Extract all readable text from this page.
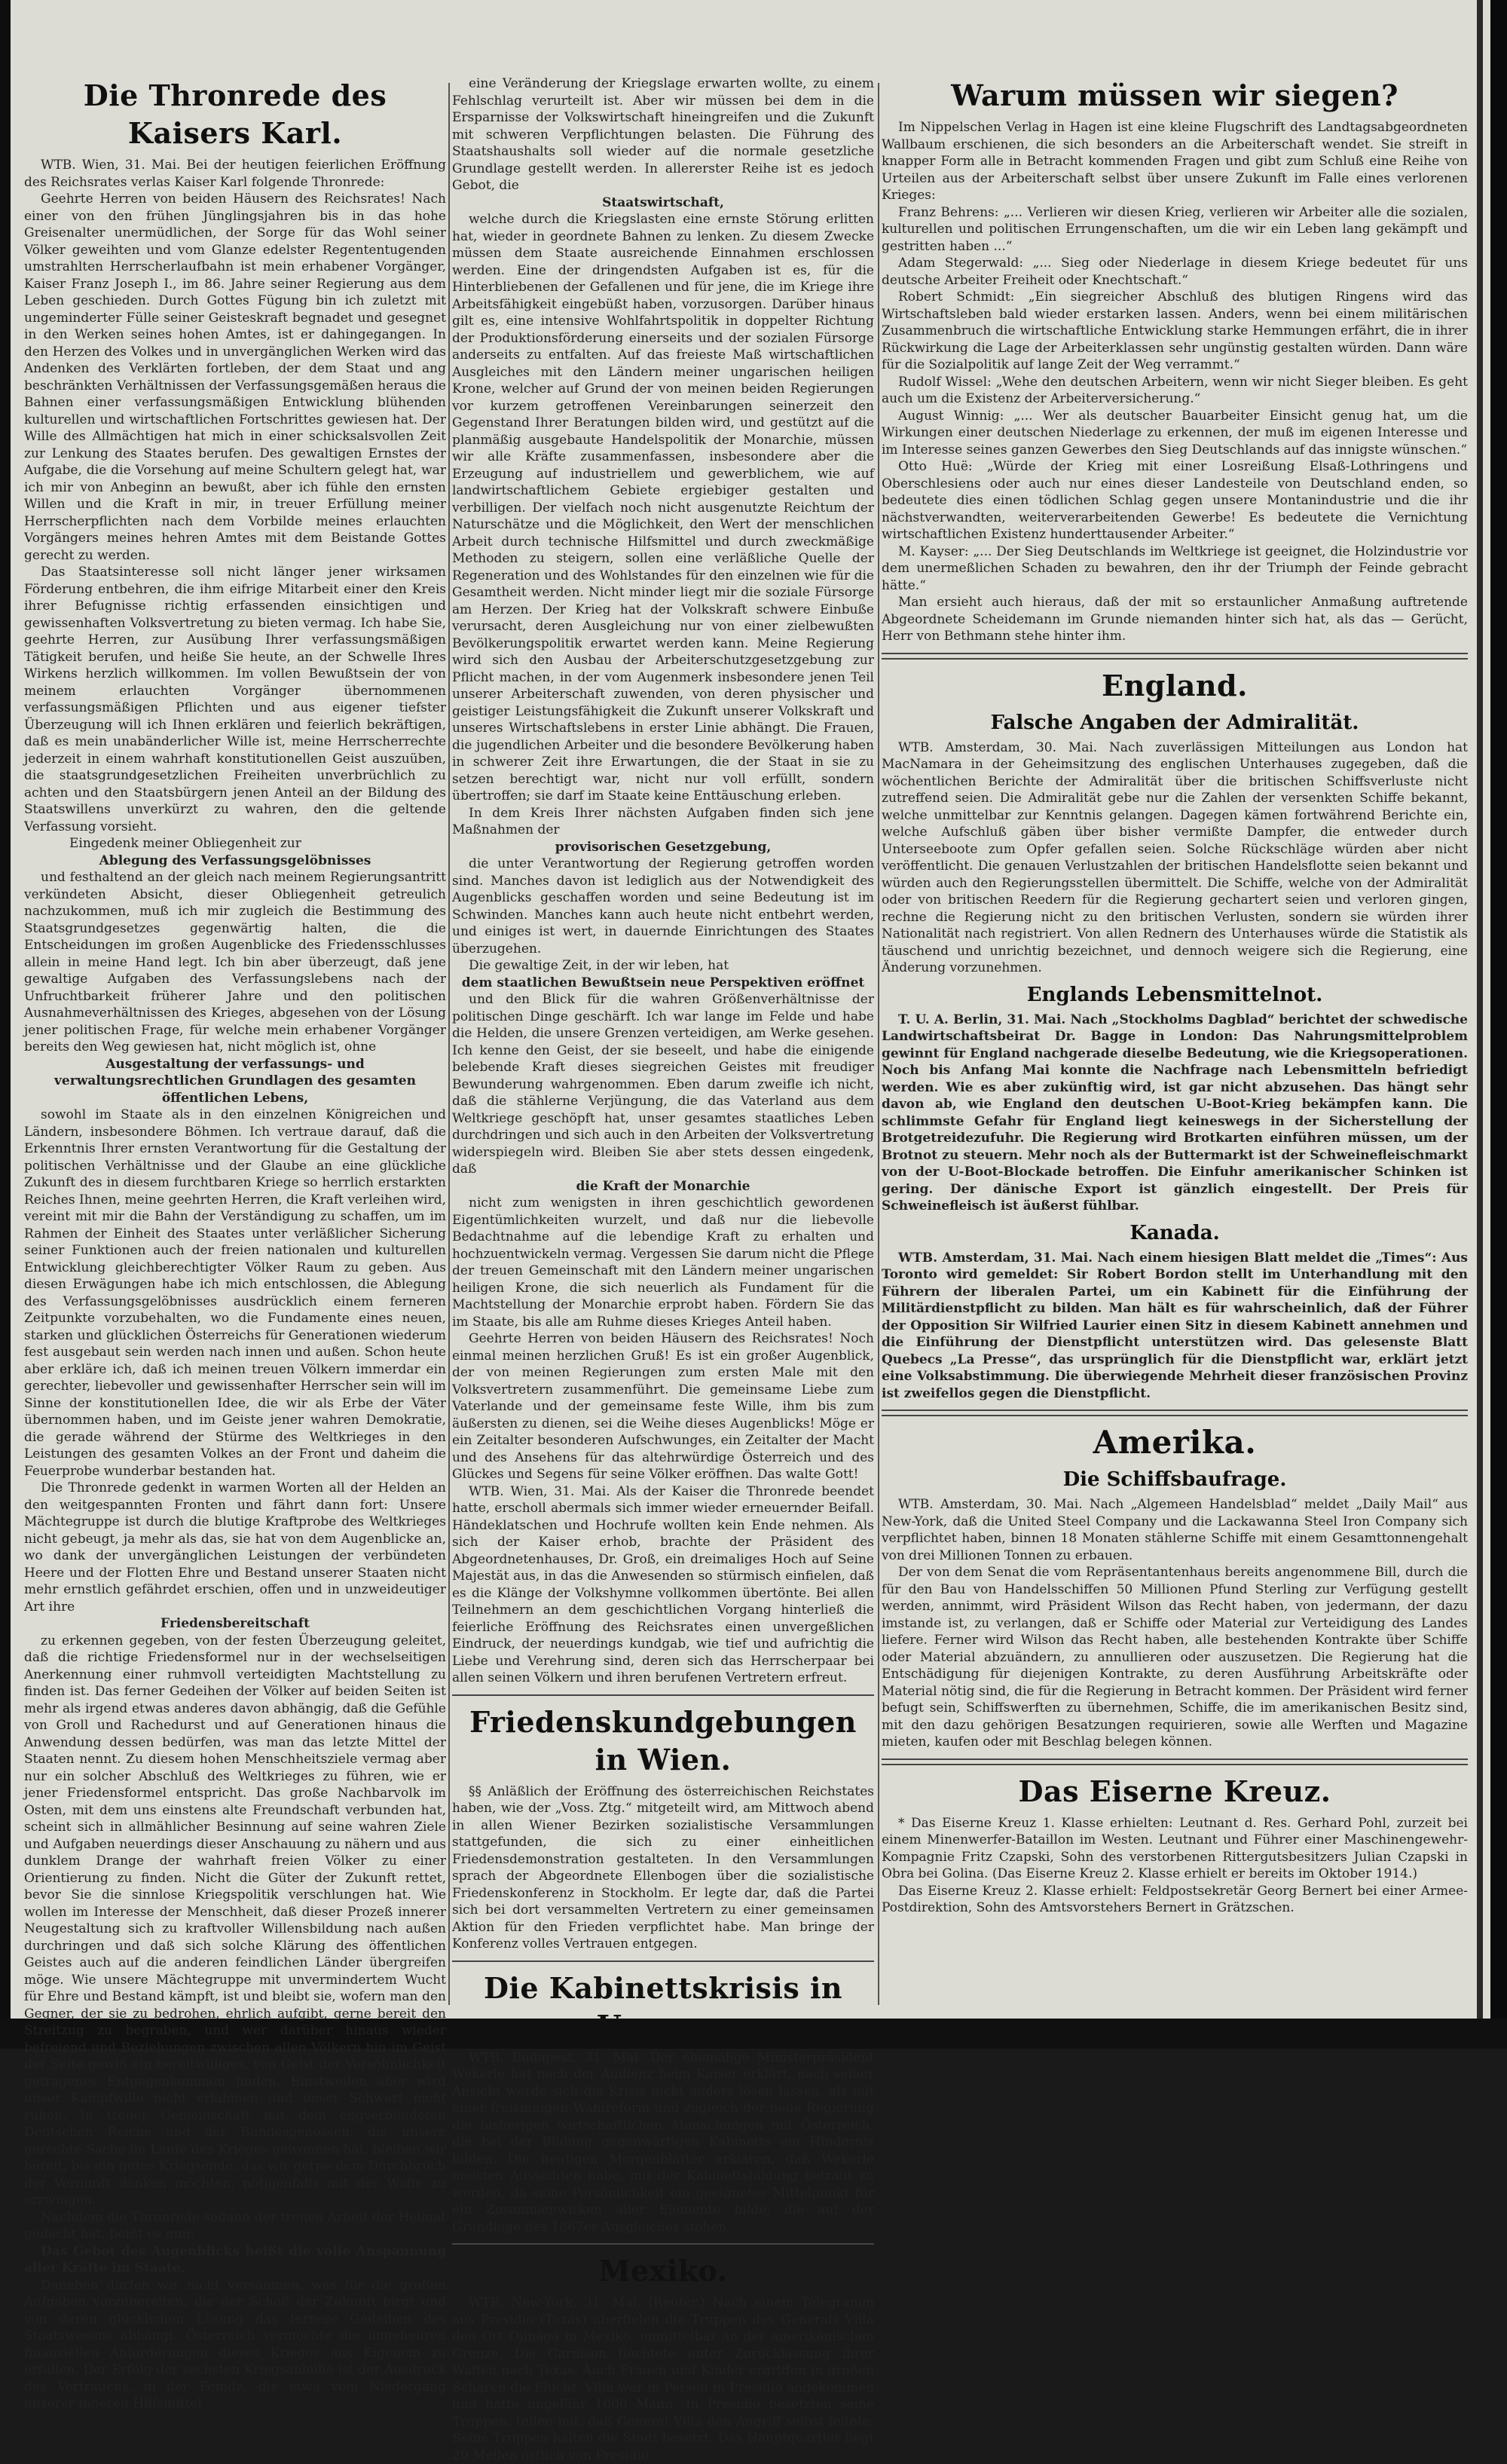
Die Thronrede des Kaisers Karl.

WTB. Wien, 31. Mai. Bei der heutigen feierlichen Eröffnung des Reichsrates verlas Kaiser Karl folgende Thronrede:

Geehrte Herren von beiden Häusern des Reichsrates! Nach einer von den frühen Jünglingsjahren bis in das hohe Greisenalter unermüdlichen, der Sorge für das Wohl seiner Völker geweihten und vom Glanze edelster Regententugenden umstrahlten Herrscherlaufbahn ist mein erhabener Vorgänger, Kaiser Franz Joseph I., im 86. Jahre seiner Regierung aus dem Leben geschieden. Durch Gottes Fügung bin ich zuletzt mit ungeminderter Fülle seiner Geisteskraft begnadet und gesegnet in den Werken seines hohen Amtes, ist er dahingegangen. In den Herzen des Volkes und in unvergänglichen Werken wird das Andenken des Verklärten fortleben, der dem Staat und ang beschränkten Verhältnissen der Verfassungsgemäßen heraus die Bahnen einer verfassungsmäßigen Entwicklung blühenden kulturellen und wirtschaftlichen Fortschrittes gewiesen hat. Der Wille des Allmächtigen hat mich in einer schicksalsvollen Zeit zur Lenkung des Staates berufen. Des gewaltigen Ernstes der Aufgabe, die die Vorsehung auf meine Schultern gelegt hat, war ich mir von Anbeginn an bewußt, aber ich fühle den ernsten Willen und die Kraft in mir, in treuer Erfüllung meiner Herrscherpflichten nach dem Vorbilde meines erlauchten Vorgängers meines hehren Amtes mit dem Beistande Gottes gerecht zu werden.

Das Staatsinteresse soll nicht länger jener wirksamen Förderung entbehren, die ihm eifrige Mitarbeit einer den Kreis ihrer Befugnisse richtig erfassenden einsichtigen und gewissenhaften Volksvertretung zu bieten vermag. Ich habe Sie, geehrte Herren, zur Ausübung Ihrer verfassungsmäßigen Tätigkeit berufen, und heiße Sie heute, an der Schwelle Ihres Wirkens herzlich willkommen. Im vollen Bewußtsein der von meinem erlauchten Vorgänger übernommenen verfassungsmäßigen Pflichten und aus eigener tiefster Überzeugung will ich Ihnen erklären und feierlich bekräftigen, daß es mein unabänderlicher Wille ist, meine Herrscherrechte jederzeit in einem wahrhaft konstitutionellen Geist auszuüben, die staatsgrundgesetzlichen Freiheiten unverbrüchlich zu achten und den Staatsbürgern jenen Anteil an der Bildung des Staatswillens unverkürzt zu wahren, den die geltende Verfassung vorsieht.

Eingedenk meiner Obliegenheit zur

Ablegung des Verfassungsgelöbnisses

und festhaltend an der gleich nach meinem Regierungsantritt verkündeten Absicht, dieser Obliegenheit getreulich nachzukommen, muß ich mir zugleich die Bestimmung des Staatsgrundgesetzes gegenwärtig halten, die die Entscheidungen im großen Augenblicke des Friedensschlusses allein in meine Hand legt. Ich bin aber überzeugt, daß jene gewaltige Aufgaben des Verfassungslebens nach der Unfruchtbarkeit früherer Jahre und den politischen Ausnahmeverhältnissen des Krieges, abgesehen von der Lösung jener politischen Frage, für welche mein erhabener Vorgänger bereits den Weg gewiesen hat, nicht möglich ist, ohne

Ausgestaltung der verfassungs- und verwaltungsrechtlichen Grundlagen des gesamten öffentlichen Lebens,

sowohl im Staate als in den einzelnen Königreichen und Ländern, insbesondere Böhmen. Ich vertraue darauf, daß die Erkenntnis Ihrer ernsten Verantwortung für die Gestaltung der politischen Verhältnisse und der Glaube an eine glückliche Zukunft des in diesem furchtbaren Kriege so herrlich erstarkten Reiches Ihnen, meine geehrten Herren, die Kraft verleihen wird, vereint mit mir die Bahn der Verständigung zu schaffen, um im Rahmen der Einheit des Staates unter verläßlicher Sicherung seiner Funktionen auch der freien nationalen und kulturellen Entwicklung gleichberechtigter Völker Raum zu geben. Aus diesen Erwägungen habe ich mich entschlossen, die Ablegung des Verfassungsgelöbnisses ausdrücklich einem ferneren Zeitpunkte vorzubehalten, wo die Fundamente eines neuen, starken und glücklichen Österreichs für Generationen wiederum fest ausgebaut sein werden nach innen und außen. Schon heute aber erkläre ich, daß ich meinen treuen Völkern immerdar ein gerechter, liebevoller und gewissenhafter Herrscher sein will im Sinne der konstitutionellen Idee, die wir als Erbe der Väter übernommen haben, und im Geiste jener wahren Demokratie, die gerade während der Stürme des Weltkrieges in den Leistungen des gesamten Volkes an der Front und daheim die Feuerprobe wunderbar bestanden hat.

Die Thronrede gedenkt in warmen Worten all der Helden an den weitgespannten Fronten und fährt dann fort: Unsere Mächtegruppe ist durch die blutige Kraftprobe des Weltkrieges nicht gebeugt, ja mehr als das, sie hat von dem Augenblicke an, wo dank der unvergänglichen Leistungen der verbündeten Heere und der Flotten Ehre und Bestand unserer Staaten nicht mehr ernstlich gefährdet erschien, offen und in unzweideutiger Art ihre

Friedensbereitschaft

zu erkennen gegeben, von der festen Überzeugung geleitet, daß die richtige Friedensformel nur in der wechselseitigen Anerkennung einer ruhmvoll verteidigten Machtstellung zu finden ist. Das ferner Gedeihen der Völker auf beiden Seiten ist mehr als irgend etwas anderes davon abhängig, daß die Gefühle von Groll und Rachedurst und auf Generationen hinaus die Anwendung dessen bedürfen, was man das letzte Mittel der Staaten nennt. Zu diesem hohen Menschheitsziele vermag aber nur ein solcher Abschluß des Weltkrieges zu führen, wie er jener Friedensformel entspricht. Das große Nachbarvolk im Osten, mit dem uns einstens alte Freundschaft verbunden hat, scheint sich in allmählicher Besinnung auf seine wahren Ziele und Aufgaben neuerdings dieser Anschauung zu nähern und aus dunklem Drange der wahrhaft freien Völker zu einer Orientierung zu finden. Nicht die Güter der Zukunft rettet, bevor Sie die sinnlose Kriegspolitik verschlungen hat. Wie wollen im Interesse der Menschheit, daß dieser Prozeß innerer Neugestaltung sich zu kraftvoller Willensbildung nach außen durchringen und daß sich solche Klärung des öffentlichen Geistes auch auf die anderen feindlichen Länder übergreifen möge. Wie unsere Mächtegruppe mit unvermindertem Wucht für Ehre und Bestand kämpft, ist und bleibt sie, wofern man den Gegner, der sie zu bedrohen, ehrlich aufgibt, gerne bereit den Streitzug zu begraben, und wer darüber hinaus wieder befreiend und Beziehungen zwischen allen Völkern hin im Geist der Seite gewiß ein bereitwilliges, von Geist der Versöhnlichkeit getragenes Entgegenkommen finden. Einstweilen aber wird unser Kampfwille nicht erlahmen und unser Schwert nicht ruhen. In treuer Gemeinschaft mit dem engverbündeten Deutschen Reiche und der Bundesgenossen, die unsere gerechte Sache im Laufe des Krieges gewonnen hat, bleiben wir bereit, bis ein gutes Kriegsende, das wir gerne dem Durchbruch der Vernunft danken möchten, nötigenfalls mit der Waffe zu erzwingen.

Nachdem die Thronrede sodann der treuen Arbeit der Heimat gedacht hat, heißt es nun:

Das Gebot des Augenblicks heißt die volle Anspannung aller Kräfte im Staate.

Daneben dürfen wir nicht versäumen, was für die großen Aufgaben vorzubereiten, die der Schoß der Zukunft birgt und von deren glücklichen Lösung das fernere Gedeihen des Staatswesens abhängt. Österreich vermochte die ungeheuren finanziellen Anforderungen dieses Krieges aus Eigenem zu erfüllen. Der Erfolg der sechsten Kriegsanleihe ist der Ausdruck des Vertrauens, in der Feinde, die etwa vom Niedergang unserer inneren Hilfsmittel

eine Veränderung der Kriegslage erwarten wollte, zu einem Fehlschlag verurteilt ist. Aber wir müssen bei dem in die Ersparnisse der Volkswirtschaft hineingreifen und die Zukunft mit schweren Verpflichtungen belasten. Die Führung des Staatshaushalts soll wieder auf die normale gesetzliche Grundlage gestellt werden. In allererster Reihe ist es jedoch Gebot, die

Staatswirtschaft,

welche durch die Kriegslasten eine ernste Störung erlitten hat, wieder in geordnete Bahnen zu lenken. Zu diesem Zwecke müssen dem Staate ausreichende Einnahmen erschlossen werden. Eine der dringendsten Aufgaben ist es, für die Hinterbliebenen der Gefallenen und für jene, die im Kriege ihre Arbeitsfähigkeit eingebüßt haben, vorzusorgen. Darüber hinaus gilt es, eine intensive Wohlfahrtspolitik in doppelter Richtung der Produktionsförderung einerseits und der sozialen Fürsorge anderseits zu entfalten. Auf das freieste Maß wirtschaftlichen Ausgleiches mit den Ländern meiner ungarischen heiligen Krone, welcher auf Grund der von meinen beiden Regierungen vor kurzem getroffenen Vereinbarungen seinerzeit den Gegenstand Ihrer Beratungen bilden wird, und gestützt auf die planmäßig ausgebaute Handelspolitik der Monarchie, müssen wir alle Kräfte zusammenfassen, insbesondere aber die Erzeugung auf industriellem und gewerblichem, wie auf landwirtschaftlichem Gebiete ergiebiger gestalten und verbilligen. Der vielfach noch nicht ausgenutzte Reichtum der Naturschätze und die Möglichkeit, den Wert der menschlichen Arbeit durch technische Hilfsmittel und durch zweckmäßige Methoden zu steigern, sollen eine verläßliche Quelle der Regeneration und des Wohlstandes für den einzelnen wie für die Gesamtheit werden. Nicht minder liegt mir die soziale Fürsorge am Herzen. Der Krieg hat der Volkskraft schwere Einbuße verursacht, deren Ausgleichung nur von einer zielbewußten Bevölkerungspolitik erwartet werden kann. Meine Regierung wird sich den Ausbau der Arbeiterschutzgesetzgebung zur Pflicht machen, in der vom Augenmerk insbesondere jenen Teil unserer Arbeiterschaft zuwenden, von deren physischer und geistiger Leistungsfähigkeit die Zukunft unserer Volkskraft und unseres Wirtschaftslebens in erster Linie abhängt. Die Frauen, die jugendlichen Arbeiter und die besondere Bevölkerung haben in schwerer Zeit ihre Erwartungen, die der Staat in sie zu setzen berechtigt war, nicht nur voll erfüllt, sondern übertroffen; sie darf im Staate keine Enttäuschung erleben.

In dem Kreis Ihrer nächsten Aufgaben finden sich jene Maßnahmen der

provisorischen Gesetzgebung,

die unter Verantwortung der Regierung getroffen worden sind. Manches davon ist lediglich aus der Notwendigkeit des Augenblicks geschaffen worden und seine Bedeutung ist im Schwinden. Manches kann auch heute nicht entbehrt werden, und einiges ist wert, in dauernde Einrichtungen des Staates überzugehen.

Die gewaltige Zeit, in der wir leben, hat

dem staatlichen Bewußtsein neue Perspektiven eröffnet

und den Blick für die wahren Größenverhältnisse der politischen Dinge geschärft. Ich war lange im Felde und habe die Helden, die unsere Grenzen verteidigen, am Werke gesehen. Ich kenne den Geist, der sie beseelt, und habe die einigende belebende Kraft dieses siegreichen Geistes mit freudiger Bewunderung wahrgenommen. Eben darum zweifle ich nicht, daß die stählerne Verjüngung, die das Vaterland aus dem Weltkriege geschöpft hat, unser gesamtes staatliches Leben durchdringen und sich auch in den Arbeiten der Volksvertretung widerspiegeln wird. Bleiben Sie aber stets dessen eingedenk, daß

die Kraft der Monarchie

nicht zum wenigsten in ihren geschichtlich gewordenen Eigentümlichkeiten wurzelt, und daß nur die liebevolle Bedachtnahme auf die lebendige Kraft zu erhalten und hochzuentwickeln vermag. Vergessen Sie darum nicht die Pflege der treuen Gemeinschaft mit den Ländern meiner ungarischen heiligen Krone, die sich neuerlich als Fundament für die Machtstellung der Monarchie erprobt haben. Fördern Sie das im Staate, bis alle am Ruhme dieses Krieges Anteil haben.

Geehrte Herren von beiden Häusern des Reichsrates! Noch einmal meinen herzlichen Gruß! Es ist ein großer Augenblick, der von meinen Regierungen zum ersten Male mit den Volksvertretern zusammenführt. Die gemeinsame Liebe zum Vaterlande und der gemeinsame feste Wille, ihm bis zum äußersten zu dienen, sei die Weihe dieses Augenblicks! Möge er ein Zeitalter besonderen Aufschwunges, ein Zeitalter der Macht und des Ansehens für das altehrwürdige Österreich und des Glückes und Segens für seine Völker eröffnen. Das walte Gott!

WTB. Wien, 31. Mai. Als der Kaiser die Thronrede beendet hatte, erscholl abermals sich immer wieder erneuernder Beifall. Händeklatschen und Hochrufe wollten kein Ende nehmen. Als sich der Kaiser erhob, brachte der Präsident des Abgeordnetenhauses, Dr. Groß, ein dreimaliges Hoch auf Seine Majestät aus, in das die Anwesenden so stürmisch einfielen, daß es die Klänge der Volkshymne vollkommen übertönte. Bei allen Teilnehmern an dem geschichtlichen Vorgang hinterließ die feierliche Eröffnung des Reichsrates einen unvergeßlichen Eindruck, der neuerdings kundgab, wie tief und aufrichtig die Liebe und Verehrung sind, deren sich das Herrscherpaar bei allen seinen Völkern und ihren berufenen Vertretern erfreut.

Friedenskundgebungen in Wien.

§§ Anläßlich der Eröffnung des österreichischen Reichstates haben, wie der „Voss. Ztg.“ mitgeteilt wird, am Mittwoch abend in allen Wiener Bezirken sozialistische Versammlungen stattgefunden, die sich zu einer einheitlichen Friedensdemonstration gestalteten. In den Versammlungen sprach der Abgeordnete Ellenbogen über die sozialistische Friedenskonferenz in Stockholm. Er legte dar, daß die Partei sich bei dort versammelten Vertretern zu einer gemeinsamen Aktion für den Frieden verpflichtet habe. Man bringe der Konferenz volles Vertrauen entgegen.

Die Kabinettskrisis in Ungarn.

WTB. Budapest, 31. Mai. Der ehemalige Ministerpräsident Wekerle hat nach der Audienz beim Kaiser erklärt, nach seiner Ansicht werde sich die Krisis nicht anders lösen lassen, als mit einer freisinnigen Wahlreform und zugleich der neue Regierung die bisherigen wirtschaftlichen Abmachungen mit Österreich, die bei der Bildung gegenwärtigen Kabinetts ein Hindernis bilden. Die heutigen Morgenblätter erklären, daß Wekerle meisten Aussichten habe, mit der Kabinettsbildung betraut zu werden, da seine Persönlichkeit ein geeignetes Mittelpunkt für ein Zusammenwirken aller Elemente bilde, die auf der Grundlage des 1867er Ausgleiches stehen.

Mexiko.

WTB. New-York, 31. Mai. (Reuter.) Nach einem Telegramm aus Presidio (Texas) überfielen die Truppen des Generals Villa den Ort Ojinaga in Mexiko, unmittelbar an der amerikanischen Grenze. Die Garnison flüchtete unter Zurücklassung ihrer Waffen nach Texas. Auch Frauen und Kinder ergriffen in großen Scharen die Flucht. Villa war in Person in Presidio angekommen und hatte ungefähr 1000 Mann. In Presidio besetzten seine Truppen, teilen mit, daß General Villa den Angriff selbst leitete. Seine Truppen halten die Stadt besetzt. Das Hauptquartier liegt 20 Meilen östlich von Presidio.

Warum müssen wir siegen?

Im Nippelschen Verlag in Hagen ist eine kleine Flugschrift des Landtagsabgeordneten Wallbaum erschienen, die sich besonders an die Arbeiterschaft wendet. Sie streift in knapper Form alle in Betracht kommenden Fragen und gibt zum Schluß eine Reihe von Urteilen aus der Arbeiterschaft selbst über unsere Zukunft im Falle eines verlorenen Krieges:

Franz Behrens: „... Verlieren wir diesen Krieg, verlieren wir Arbeiter alle die sozialen, kulturellen und politischen Errungenschaften, um die wir ein Leben lang gekämpft und gestritten haben ...“

Adam Stegerwald: „... Sieg oder Niederlage in diesem Kriege bedeutet für uns deutsche Arbeiter Freiheit oder Knechtschaft.“

Robert Schmidt: „Ein siegreicher Abschluß des blutigen Ringens wird das Wirtschaftsleben bald wieder erstarken lassen. Anders, wenn bei einem militärischen Zusammenbruch die wirtschaftliche Entwicklung starke Hemmungen erfährt, die in ihrer Rückwirkung die Lage der Arbeiterklassen sehr ungünstig gestalten würden. Dann wäre für die Sozialpolitik auf lange Zeit der Weg verrammt.“

Rudolf Wissel: „Wehe den deutschen Arbeitern, wenn wir nicht Sieger bleiben. Es geht auch um die Existenz der Arbeiterversicherung.“

August Winnig: „... Wer als deutscher Bauarbeiter Einsicht genug hat, um die Wirkungen einer deutschen Niederlage zu erkennen, der muß im eigenen Interesse und im Interesse seines ganzen Gewerbes den Sieg Deutschlands auf das innigste wünschen.“

Otto Huë: „Würde der Krieg mit einer Losreißung Elsaß-Lothringens und Oberschlesiens oder auch nur eines dieser Landesteile von Deutschland enden, so bedeutete dies einen tödlichen Schlag gegen unsere Montanindustrie und die ihr nächstverwandten, weiterverarbeitenden Gewerbe! Es bedeutete die Vernichtung wirtschaftlichen Existenz hunderttausender Arbeiter.“

M. Kayser: „... Der Sieg Deutschlands im Weltkriege ist geeignet, die Holzindustrie vor dem unermeßlichen Schaden zu bewahren, den ihr der Triumph der Feinde gebracht hätte.“

Man ersieht auch hieraus, daß der mit so erstaunlicher Anmaßung auftretende Abgeordnete Scheidemann im Grunde niemanden hinter sich hat, als das — Gerücht, Herr von Bethmann stehe hinter ihm.

England.
Falsche Angaben der Admiralität.

WTB. Amsterdam, 30. Mai. Nach zuverlässigen Mitteilungen aus London hat MacNamara in der Geheimsitzung des englischen Unterhauses zugegeben, daß die wöchentlichen Berichte der Admiralität über die britischen Schiffsverluste nicht zutreffend seien. Die Admiralität gebe nur die Zahlen der versenkten Schiffe bekannt, welche unmittelbar zur Kenntnis gelangen. Dagegen kämen fortwährend Berichte ein, welche Aufschluß gäben über bisher vermißte Dampfer, die entweder durch Unterseeboote zum Opfer gefallen seien. Solche Rückschläge würden aber nicht veröffentlicht. Die genauen Verlustzahlen der britischen Handelsflotte seien bekannt und würden auch den Regierungsstellen übermittelt. Die Schiffe, welche von der Admiralität oder von britischen Reedern für die Regierung gechartert seien und verloren gingen, rechne die Regierung nicht zu den britischen Verlusten, sondern sie würden ihrer Nationalität nach registriert. Von allen Rednern des Unterhauses würde die Statistik als täuschend und unrichtig bezeichnet, und dennoch weigere sich die Regierung, eine Änderung vorzunehmen.

Englands Lebensmittelnot.

T. U. A. Berlin, 31. Mai. Nach „Stockholms Dagblad“ berichtet der schwedische Landwirtschaftsbeirat Dr. Bagge in London: Das Nahrungsmittelproblem gewinnt für England nachgerade dieselbe Bedeutung, wie die Kriegsoperationen. Noch bis Anfang Mai konnte die Nachfrage nach Lebensmitteln befriedigt werden. Wie es aber zukünftig wird, ist gar nicht abzusehen. Das hängt sehr davon ab, wie England den deutschen U-Boot-Krieg bekämpfen kann. Die schlimmste Gefahr für England liegt keineswegs in der Sicherstellung der Brotgetreidezufuhr. Die Regierung wird Brotkarten einführen müssen, um der Brotnot zu steuern. Mehr noch als der Buttermarkt ist der Schweinefleischmarkt von der U-Boot-Blockade betroffen. Die Einfuhr amerikanischer Schinken ist gering. Der dänische Export ist gänzlich eingestellt. Der Preis für Schweinefleisch ist äußerst fühlbar.

Kanada.

WTB. Amsterdam, 31. Mai. Nach einem hiesigen Blatt meldet die „Times“: Aus Toronto wird gemeldet: Sir Robert Bordon stellt im Unterhandlung mit den Führern der liberalen Partei, um ein Kabinett für die Einführung der Militärdienstpflicht zu bilden. Man hält es für wahrscheinlich, daß der Führer der Opposition Sir Wilfried Laurier einen Sitz in diesem Kabinett annehmen und die Einführung der Dienstpflicht unterstützen wird. Das gelesenste Blatt Quebecs „La Presse“, das ursprünglich für die Dienstpflicht war, erklärt jetzt eine Volksabstimmung. Die überwiegende Mehrheit dieser französischen Provinz ist zweifellos gegen die Dienstpflicht.

Amerika.
Die Schiffsbaufrage.

WTB. Amsterdam, 30. Mai. Nach „Algemeen Handelsblad“ meldet „Daily Mail“ aus New-York, daß die United Steel Company und die Lackawanna Steel Iron Company sich verpflichtet haben, binnen 18 Monaten stählerne Schiffe mit einem Gesamttonnengehalt von drei Millionen Tonnen zu erbauen.

Der von dem Senat die vom Repräsentantenhaus bereits angenommene Bill, durch die für den Bau von Handelsschiffen 50 Millionen Pfund Sterling zur Verfügung gestellt werden, annimmt, wird Präsident Wilson das Recht haben, von jedermann, der dazu imstande ist, zu verlangen, daß er Schiffe oder Material zur Verteidigung des Landes liefere. Ferner wird Wilson das Recht haben, alle bestehenden Kontrakte über Schiffe oder Material abzuändern, zu annullieren oder auszusetzen. Die Regierung hat die Entschädigung für diejenigen Kontrakte, zu deren Ausführung Arbeitskräfte oder Material nötig sind, die für die Regierung in Betracht kommen. Der Präsident wird ferner befugt sein, Schiffswerften zu übernehmen, Schiffe, die im amerikanischen Besitz sind, mit den dazu gehörigen Besatzungen requirieren, sowie alle Werften und Magazine mieten, kaufen oder mit Beschlag belegen können.

Das Eiserne Kreuz.

* Das Eiserne Kreuz 1. Klasse erhielten: Leutnant d. Res. Gerhard Pohl, zurzeit bei einem Minenwerfer-Bataillon im Westen. Leutnant und Führer einer Maschinengewehr-Kompagnie Fritz Czapski, Sohn des verstorbenen Rittergutsbesitzers Julian Czapski in Obra bei Golina. (Das Eiserne Kreuz 2. Klasse erhielt er bereits im Oktober 1914.)

Das Eiserne Kreuz 2. Klasse erhielt: Feldpostsekretär Georg Bernert bei einer Armee-Postdirektion, Sohn des Amtsvorstehers Bernert in Grätzschen.
